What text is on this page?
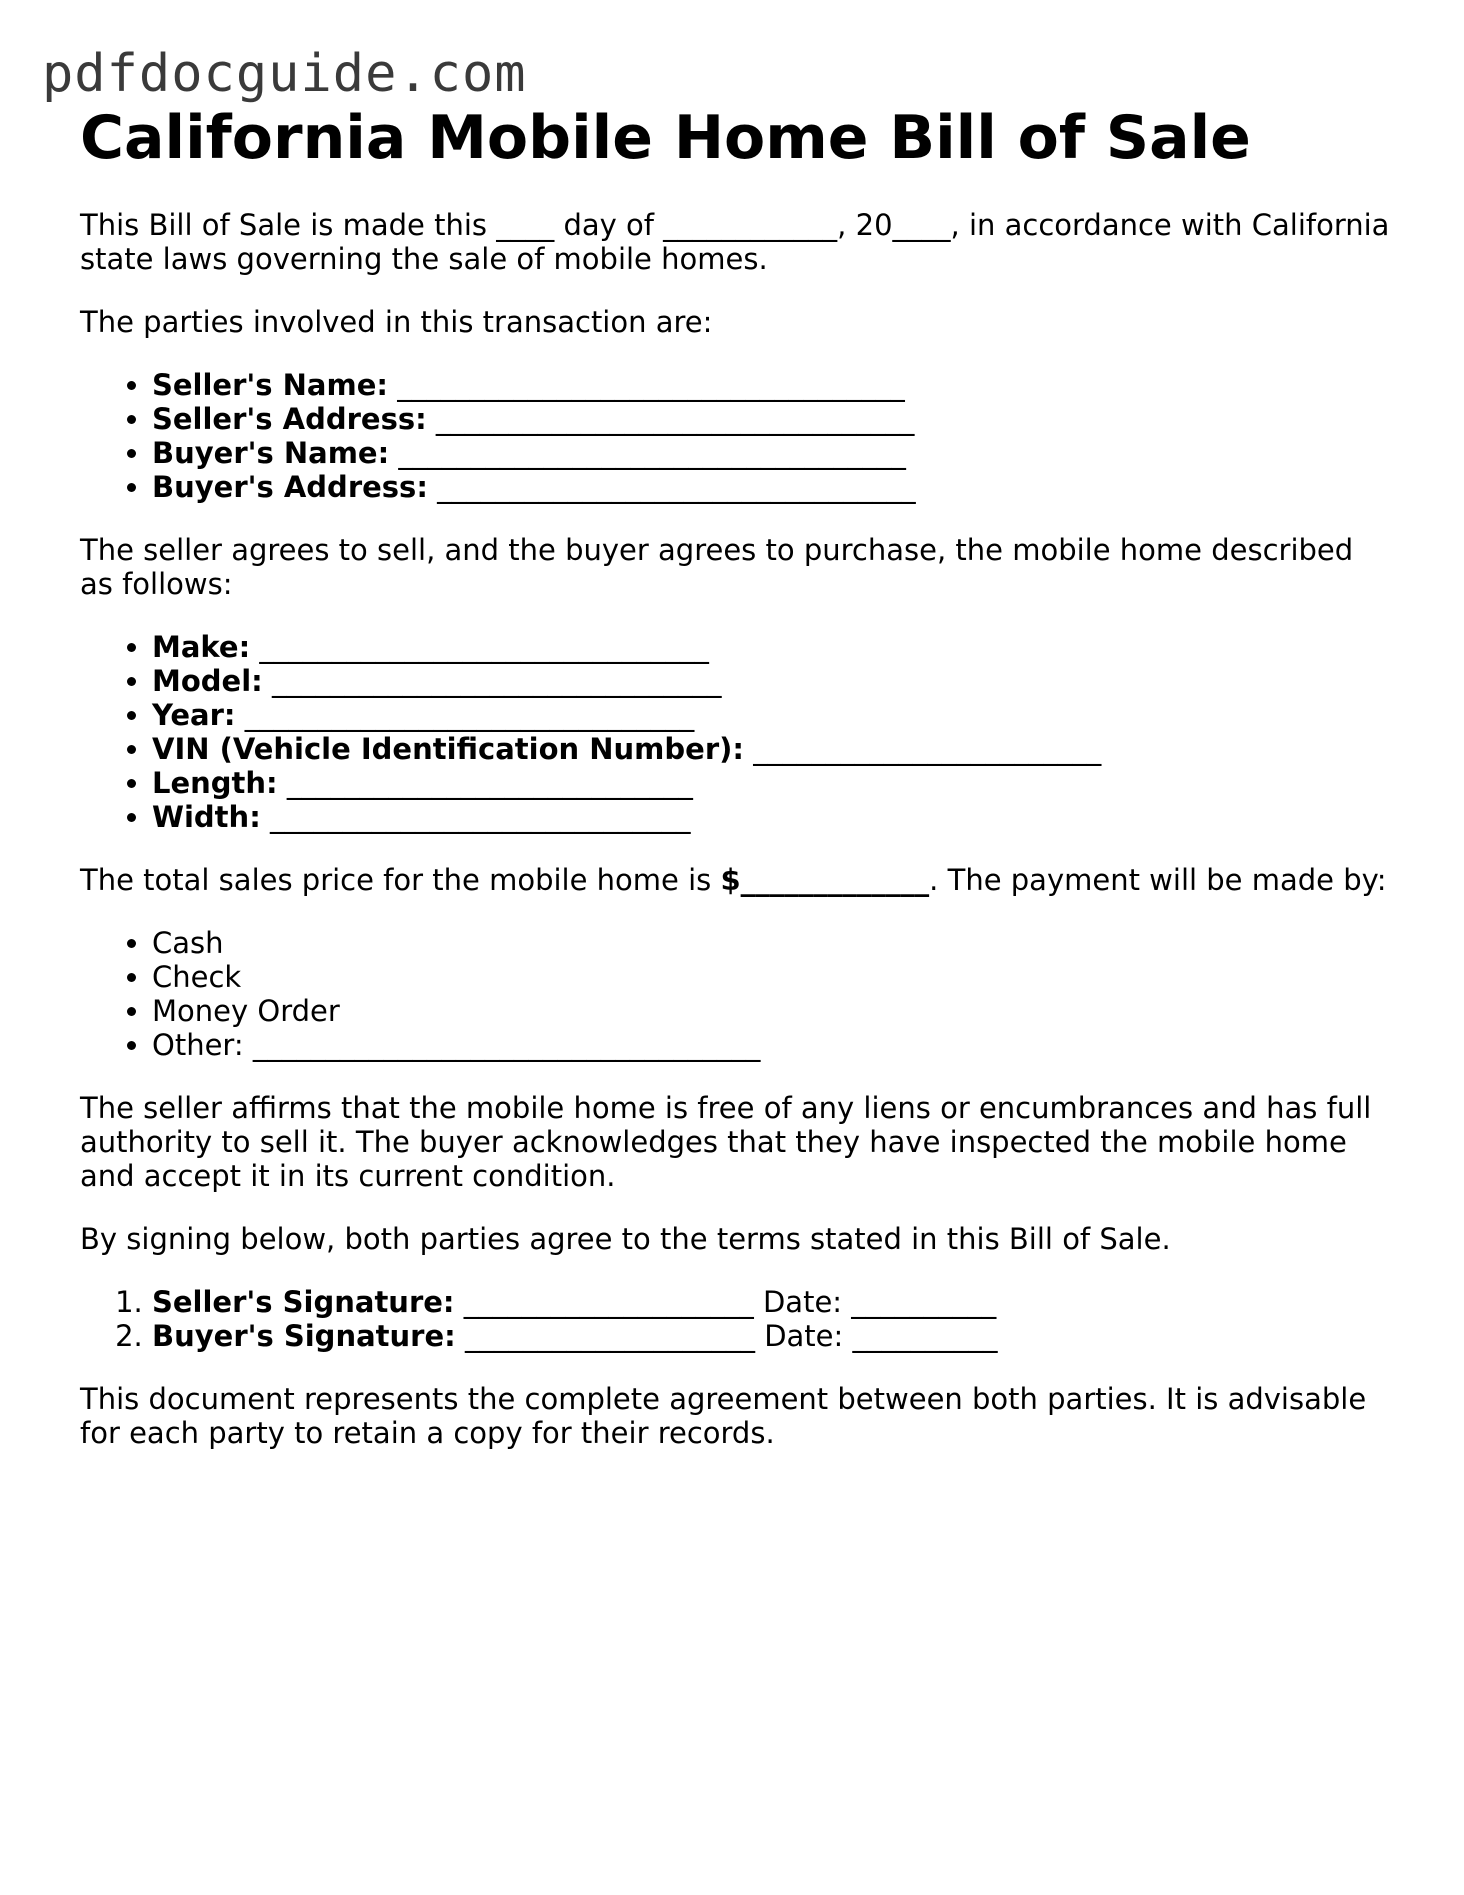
pdfdocguide.com
California Mobile Home Bill of Sale

This Bill of Sale is made this ____ day of ____________, 20____, in accordance with California state laws governing the sale of mobile homes.

The parties involved in this transaction are:

• Seller's Name: ___________________________________
• Seller's Address: _________________________________
• Buyer's Name: ___________________________________
• Buyer's Address: _________________________________

The seller agrees to sell, and the buyer agrees to purchase, the mobile home described as follows:

• Make: _______________________________
• Model: _______________________________
• Year: _______________________________
• VIN (Vehicle Identification Number): ________________________
• Length: ____________________________
• Width: _____________________________

The total sales price for the mobile home is $_____________. The payment will be made by:

• Cash
• Check
• Money Order
• Other: ___________________________________

The seller affirms that the mobile home is free of any liens or encumbrances and has full authority to sell it. The buyer acknowledges that they have inspected the mobile home and accept it in its current condition.

By signing below, both parties agree to the terms stated in this Bill of Sale.

1. Seller's Signature: ____________________ Date: __________
2. Buyer's Signature: ____________________ Date: __________

This document represents the complete agreement between both parties. It is advisable for each party to retain a copy for their records.
